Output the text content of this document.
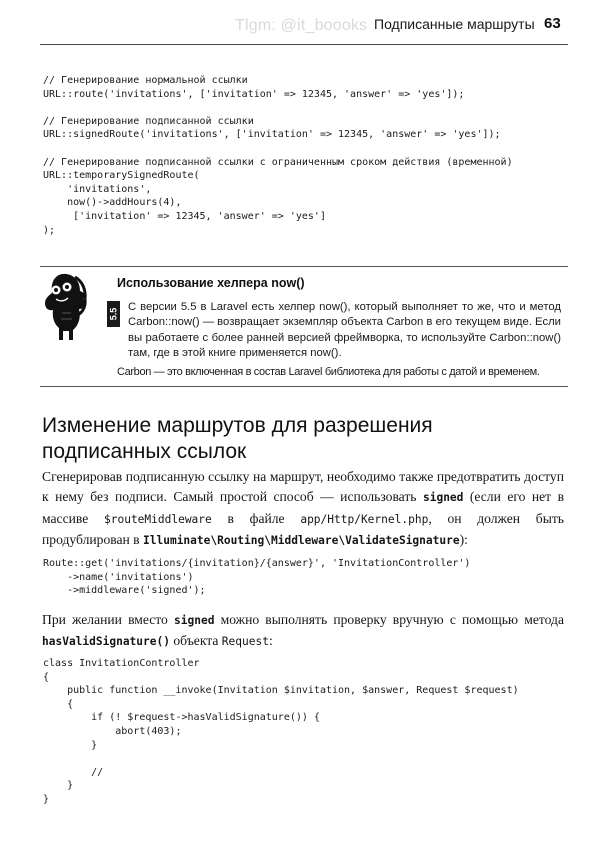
Tlgm: @it_boooks Подписанные маршруты 63
// Генерирование нормальной ссылки
URL::route('invitations', ['invitation' => 12345, 'answer' => 'yes']);

// Генерирование подписанной ссылки
URL::signedRoute('invitations', ['invitation' => 12345, 'answer' => 'yes']);

// Генерирование подписанной ссылки с ограниченным сроком действия (временной)
URL::temporarySignedRoute(
'invitations',
now()->addHours(4),
['invitation' => 12345, 'answer' => 'yes']
);
Использование хелпера now()
5.5

С версии 5.5 в Laravel есть хелпер now(), который выполняет то же, что и метод Carbon::now() — возвращает экземпляр объекта Carbon в его текущем виде. Если вы работаете с более ранней версией фреймворка, то используйте Carbon::now() там, где в этой книге применяется now().

Carbon — это включенная в состав Laravel библиотека для работы с датой и временем.

Изменение маршрутов для разрешения подписанных ссылок

Сгенерировав подписанную ссылку на маршрут, необходимо также предотвратить доступ к нему без подписи. Самый простой способ — использовать signed (если его нет в массиве $routeMiddleware в файле app/Http/Kernel.php, он должен быть продублирован в Illuminate\Routing\Middleware\ValidateSignature):

Route::get('invitations/{invitation}/{answer}', 'InvitationController')
->name('invitations')
->middleware('signed');

При желании вместо signed можно выполнять проверку вручную с помощью метода hasValidSignature() объекта Request:

class InvitationController
{
public function __invoke(Invitation $invitation, $answer, Request $request)
{
if (! $request->hasValidSignature()) {
abort(403);
}

//
}
}
